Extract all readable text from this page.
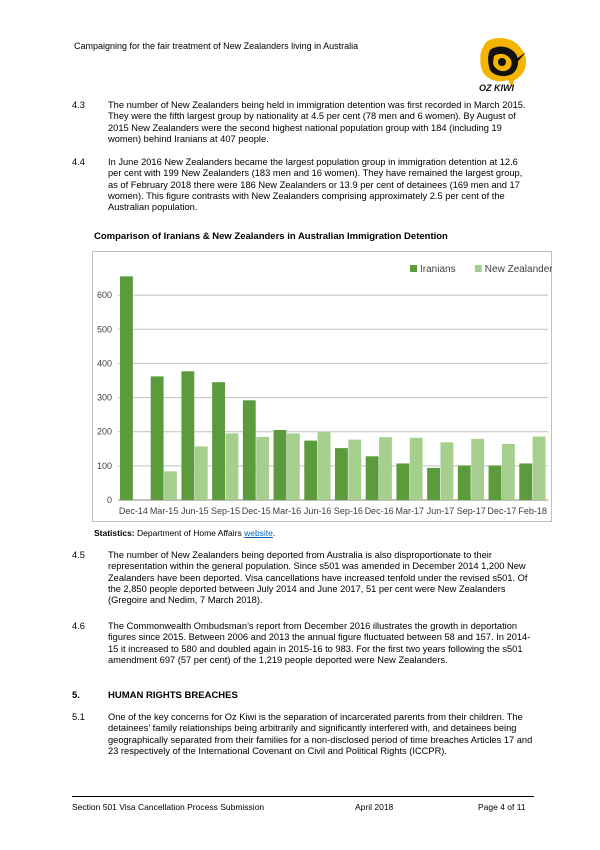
Campaigning for the fair treatment of New Zealanders living in Australia
OZ KIWI
4.3 The number of New Zealanders being held in immigration detention was first recorded in March 2015. They were the fifth largest group by nationality at 4.5 per cent (78 men and 6 women). By August of 2015 New Zealanders were the second highest national population group with 184 (including 19 women) behind Iranians at 407 people.
4.4 In June 2016 New Zealanders became the largest population group in immigration detention at 12.6 per cent with 199 New Zealanders (183 men and 16 women). They have remained the largest group, as of February 2018 there were 186 New Zealanders or 13.9 per cent of detainees (169 men and 17 women). This figure contrasts with New Zealanders comprising approximately 2.5 per cent of the Australian population.
Comparison of Iranians & New Zealanders in Australian Immigration Detention
0
100
200
300
400
500
600
Dec-14 Mar-15 Jun-15 Sep-15 Dec-15 Mar-16 Jun-16 Sep-16 Dec-16 Mar-17 Jun-17 Sep-17 Dec-17 Feb-18
Iranians	New Zealanders
Statistics: Department of Home Affairs website.
4.5 The number of New Zealanders being deported from Australia is also disproportionate to their representation within the general population. Since s501 was amended in December 2014 1,200 New Zealanders have been deported. Visa cancellations have increased tenfold under the revised s501. Of the 2,850 people deported between July 2014 and June 2017, 51 per cent were New Zealanders (Gregoire and Nedim, 7 March 2018).
4.6 The Commonwealth Ombudsman’s report from December 2016 illustrates the growth in deportation figures since 2015. Between 2006 and 2013 the annual figure fluctuated between 58 and 157. In 2014-15 it increased to 580 and doubled again in 2015-16 to 983. For the first two years following the s501 amendment 697 (57 per cent) of the 1,219 people deported were New Zealanders.
5.	HUMAN RIGHTS BREACHES
5.1 One of the key concerns for Oz Kiwi is the separation of incarcerated parents from their children. The detainees’ family relationships being arbitrarily and significantly interfered with, and detainees being geographically separated from their families for a non-disclosed period of time breaches Articles 17 and 23 respectively of the International Covenant on Civil and Political Rights (ICCPR).
Section 501 Visa Cancellation Process Submission	April 2018	Page 4 of 11
